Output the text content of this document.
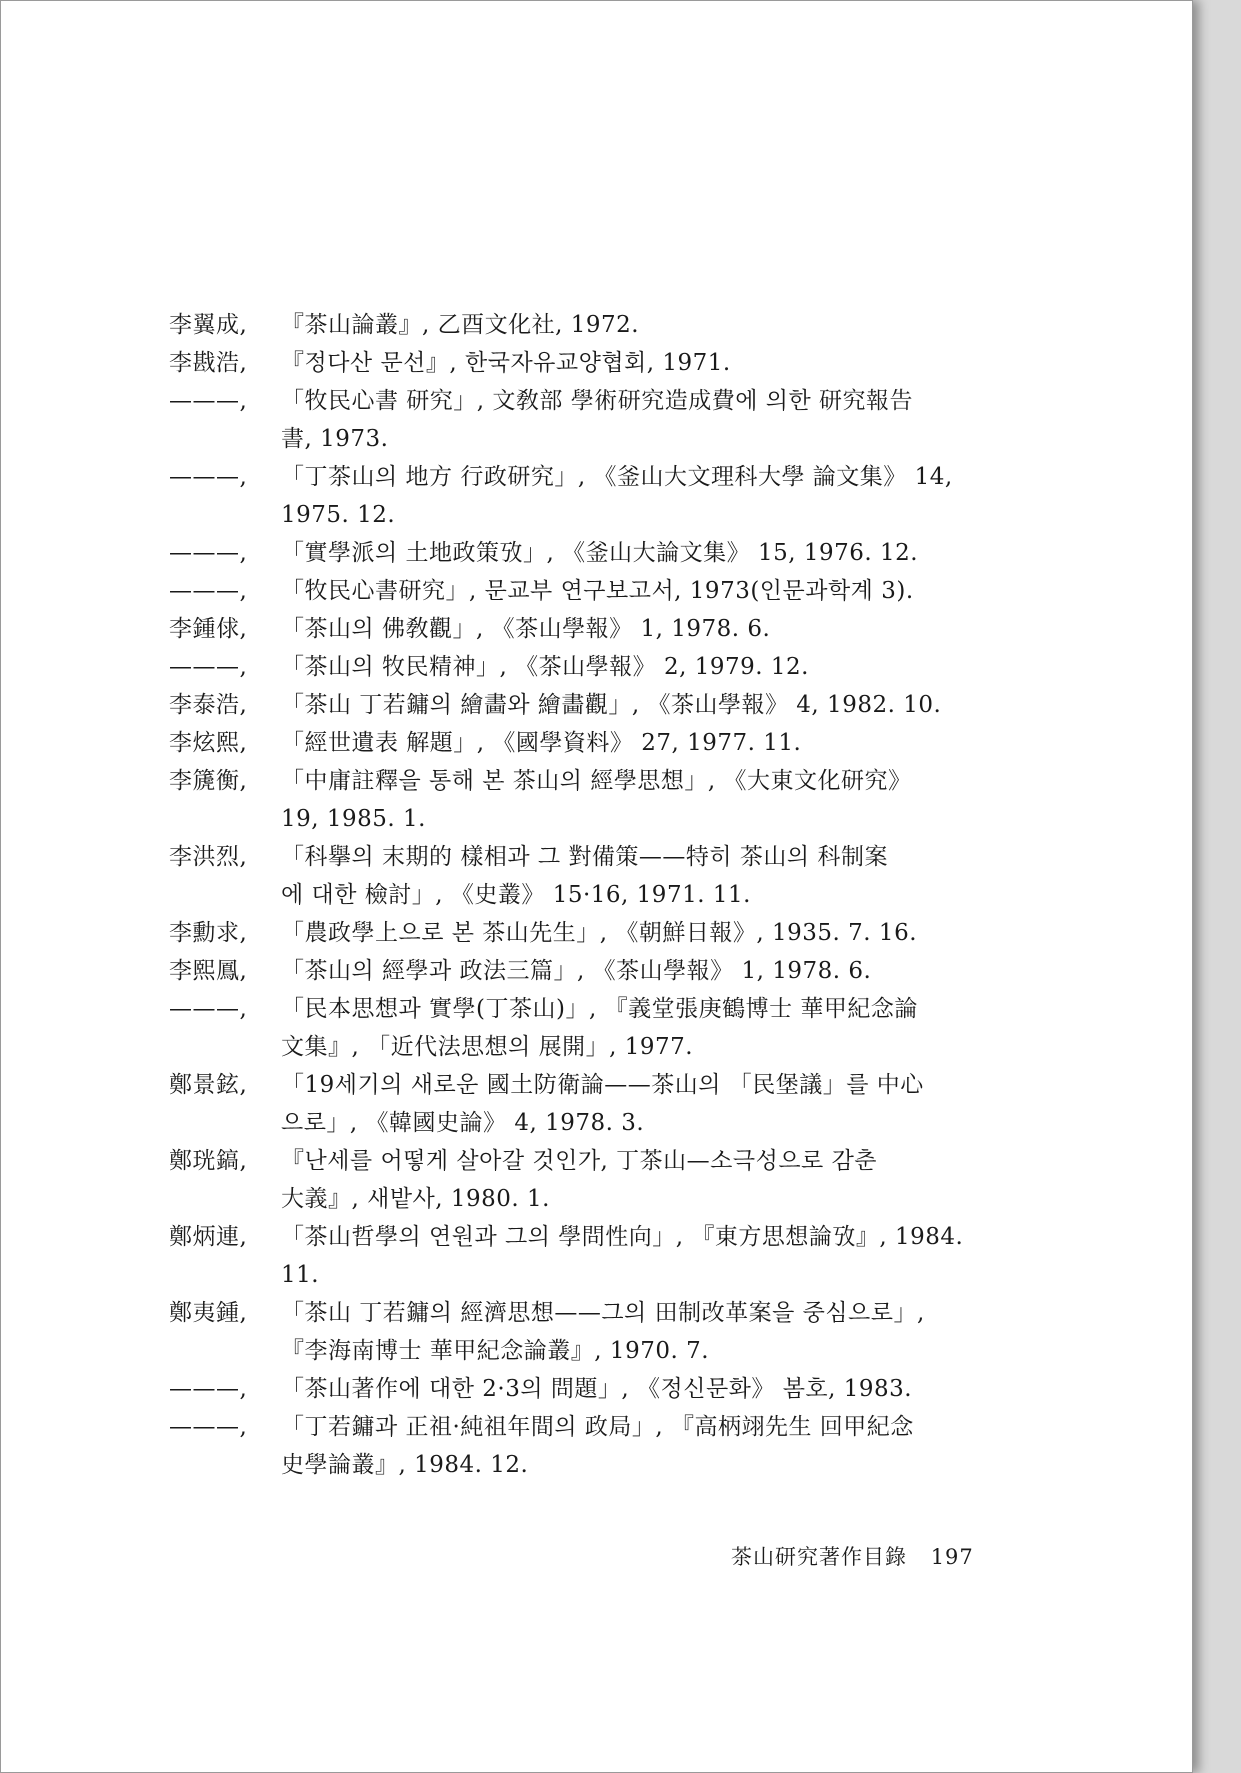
李翼成,	『茶山論叢』, 乙酉文化社, 1972.
李戡浩,	『정다산 문선』, 한국자유교양협회, 1971.
———,	「牧民心書 研究」, 文敎部 學術研究造成費에 의한 研究報告
書, 1973.
———,	「丁茶山의 地方 行政研究」, 《釜山大文理科大學 論文集》 14,
1975. 12.
———,	「實學派의 土地政策攷」, 《釜山大論文集》 15, 1976. 12.
———,	「牧民心書研究」, 문교부 연구보고서, 1973(인문과학계 3).
李鍾俅,	「茶山의 佛敎觀」, 《茶山學報》 1, 1978. 6.
———,	「茶山의 牧民精神」, 《茶山學報》 2, 1979. 12.
李泰浩,	「茶山 丁若鏞의 繪畵와 繪畵觀」, 《茶山學報》 4, 1982. 10.
李炫熙,	「經世遺表 解題」, 《國學資料》 27, 1977. 11.
李篪衡,	「中庸註釋을 통해 본 茶山의 經學思想」, 《大東文化研究》
19, 1985. 1.
李洪烈,	「科擧의 末期的 樣相과 그 對備策——特히 茶山의 科制案
에 대한 檢討」, 《史叢》 15·16, 1971. 11.
李勳求,	「農政學上으로 본 茶山先生」, 《朝鮮日報》, 1935. 7. 16.
李熙鳳,	「茶山의 經學과 政法三篇」, 《茶山學報》 1, 1978. 6.
———,	「民本思想과 實學(丁茶山)」, 『義堂張庚鶴博士 華甲紀念論
文集』, 「近代法思想의 展開」, 1977.
鄭景鉉,	「19세기의 새로운 國土防衛論——茶山의 「民堡議」를 中心
으로」, 《韓國史論》 4, 1978. 3.
鄭珖鎬,	『난세를 어떻게 살아갈 것인가, 丁茶山—소극성으로 감춘
大義』, 새밭사, 1980. 1.
鄭炳連,	「茶山哲學의 연원과 그의 學問性向」, 『東方思想論攷』, 1984.
11.
鄭夷鍾,	「茶山 丁若鏞의 經濟思想——그의 田制改革案을 중심으로」,
『李海南博士 華甲紀念論叢』, 1970. 7.
———,	「茶山著作에 대한 2·3의 問題」, 《정신문화》 봄호, 1983.
———,	「丁若鏞과 正祖·純祖年間의 政局」, 『高柄翊先生 回甲紀念
史學論叢』, 1984. 12.
茶山研究著作目錄 197
